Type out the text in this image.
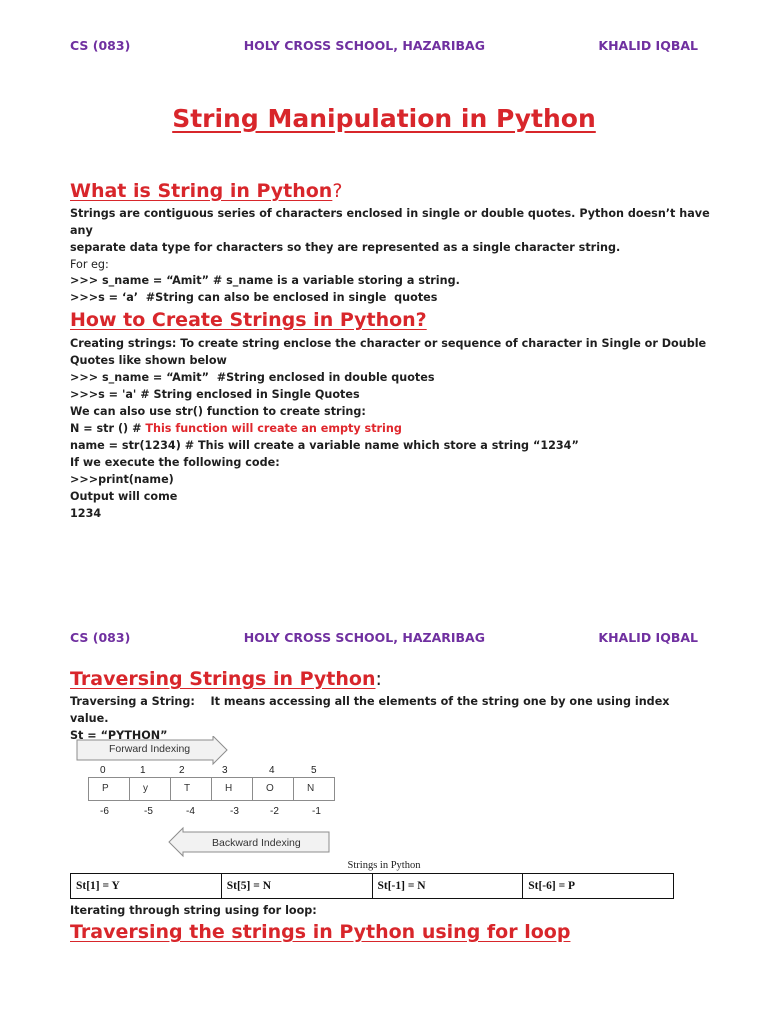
CS (083)	HOLY CROSS SCHOOL, HAZARIBAG	KHALID IQBAL
String Manipulation in Python
What is String in Python?
Strings are contiguous series of characters enclosed in single or double quotes. Python doesn’t have any
separate data type for characters so they are represented as a single character string.
For eg:
>>> s_name = “Amit” # s_name is a variable storing a string.
>>>s = ‘a’  #String can also be enclosed in single  quotes
How to Create Strings in Python?
Creating strings: To create string enclose the character or sequence of character in Single or Double
Quotes like shown below
>>> s_name = “Amit”  #String enclosed in double quotes
>>>s = 'a' # String enclosed in Single Quotes
We can also use str() function to create string:
N = str () # This function will create an empty string
name = str(1234) # This will create a variable name which store a string “1234”
If we execute the following code:
>>>print(name)
Output will come
1234
CS (083)	HOLY CROSS SCHOOL, HAZARIBAG	KHALID IQBAL
Traversing Strings in Python:
Traversing a String:    It means accessing all the elements of the string one by one using index value.
St = “PYTHON”
Forward Indexing
Backward Indexing
0	1	2	3	4	5
P	y	T	H	O	N
-6	-5	-4	-3	-2	-1
Strings in Python
St[1] = Y	St[5] = N	St[-1] = N	St[-6] = P
Iterating through string using for loop:
Traversing the strings in Python using for loop
